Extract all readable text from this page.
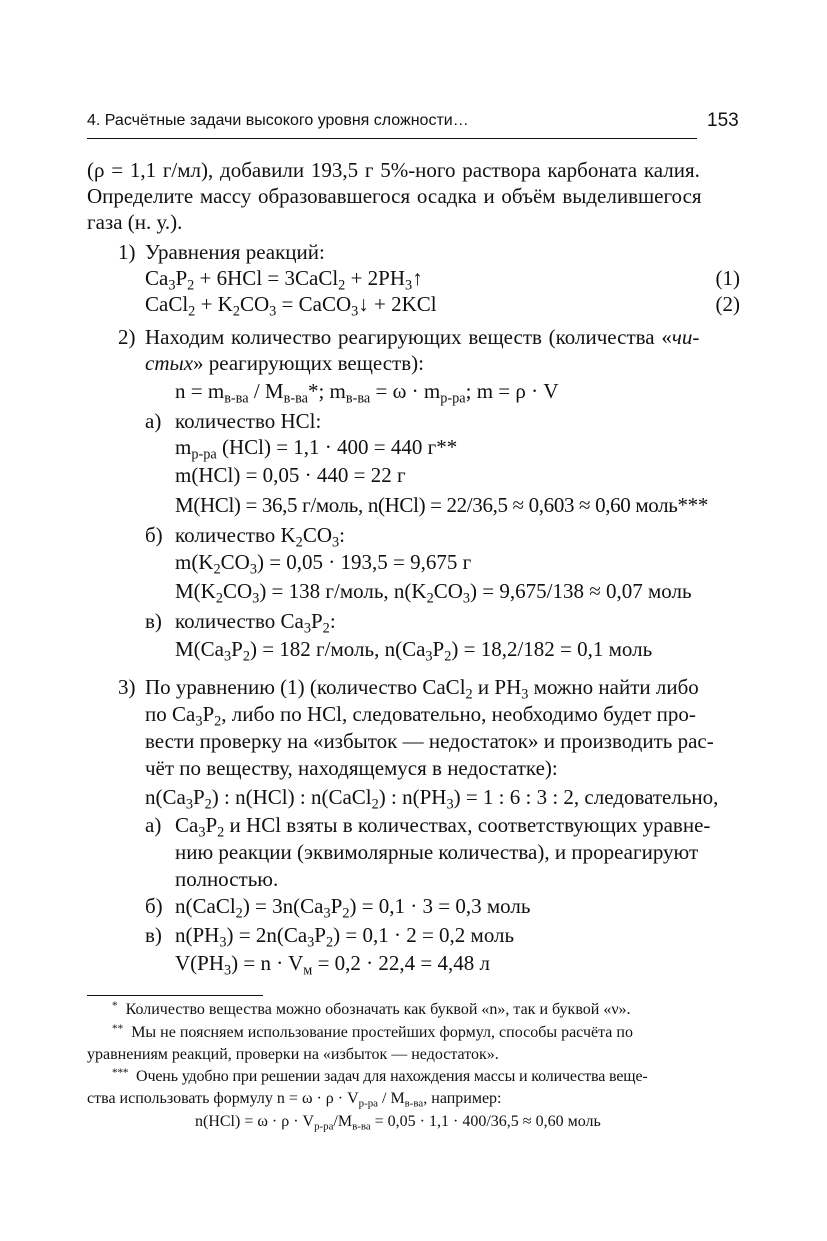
4. Расчётные задачи высокого уровня сложности…	153
(ρ = 1,1 г/мл), добавили 193,5 г 5%-ного раствора карбоната калия.
Определите массу образовавшегося осадка и объём выделившегося
газа (н. у.).
1) Уравнения реакций:
$Ca_3P_2 + 6HCl$ = 3CaCl$_2$ + $2PH_3↑$	(1)
CaCl$_2$ + $K_2CO_3$ = CaCO$_3$↓ + 2KCl	(2)
2) Находим количество реагирующих веществ (количества «чи-
стых» реагирующих веществ):
$n = m_{в-ва} / M_{в-ва}*$; $m_{в-ва} = \omega \cdot m_{р-ра}$; m = ρ · V
а) количество HCl:
$m_{р-ра}$ (HCl) = 1,1 · 400 = 440 г**
m(HCl) = 0,05 · 440 = 22 г
M(HCl) = 36,5 г/моль, n(HCl) = 22/36,5 ≈ 0,603 ≈ 0,60 моль***
б) количество $K_2CO_3$:
$m(K_2CO_3) = 0,05 \cdot 193,5 = 9,675$ г
$M(K_2CO_3) = 138$ г/моль, $n(K_2CO_3) = 9,675/138 \approx 0,07$ моль
в) количество $Ca_3P_2$:
$M(Ca_3P_2) = 182$ г/моль, $n(Ca_3P_2) = 18,2/182 = 0,1$ моль
3) По уравнению (1) (количество CaCl$_2$ и $PH_3$ можно найти либо
по $Ca_3P_2$, либо по HCl, следовательно, необходимо будет про-
вести проверку на «избыток — недостаток» и производить рас-
чёт по веществу, находящемуся в недостатке):
$n(Ca_3P_2)$ : n(HCl) : n(CaCl$_2$) : $n(PH_3) = 1$ : 6 : 3 : 2, следовательно,
а) $Ca_3P_2$ и HCl взяты в количествах, соответствующих уравне-
нию реакции (эквимолярные количества), и прореагируют
полностью.
б) n(CaCl$_2$) = $3n(Ca_3P_2) = 0,1 \cdot 3 = 0,3$ моль
в) $n(PH_3) = 2n(Ca_3P_2) = 0,1 \cdot 2 = 0,2$ моль
$V(PH_3) = n \cdot V_м = 0,2 \cdot 22,4 = 4,48$ л
* Количество вещества можно обозначать как буквой «n», так и буквой «ν».
** Мы не поясняем использование простейших формул, способы расчёта по
уравнениям реакций, проверки на «избыток — недостаток».
*** Очень удобно при решении задач для нахождения массы и количества веще-
ства использовать формулу $n = \omega \cdot \rho \cdot V_{р-ра} / M_{в-ва}$, например:
$n(HCl) = \omega \cdot \rho \cdot V_{р-ра}/M_{в-ва} = 0,05 \cdot 1,1 \cdot 400/36,5 \approx 0,60$ моль
